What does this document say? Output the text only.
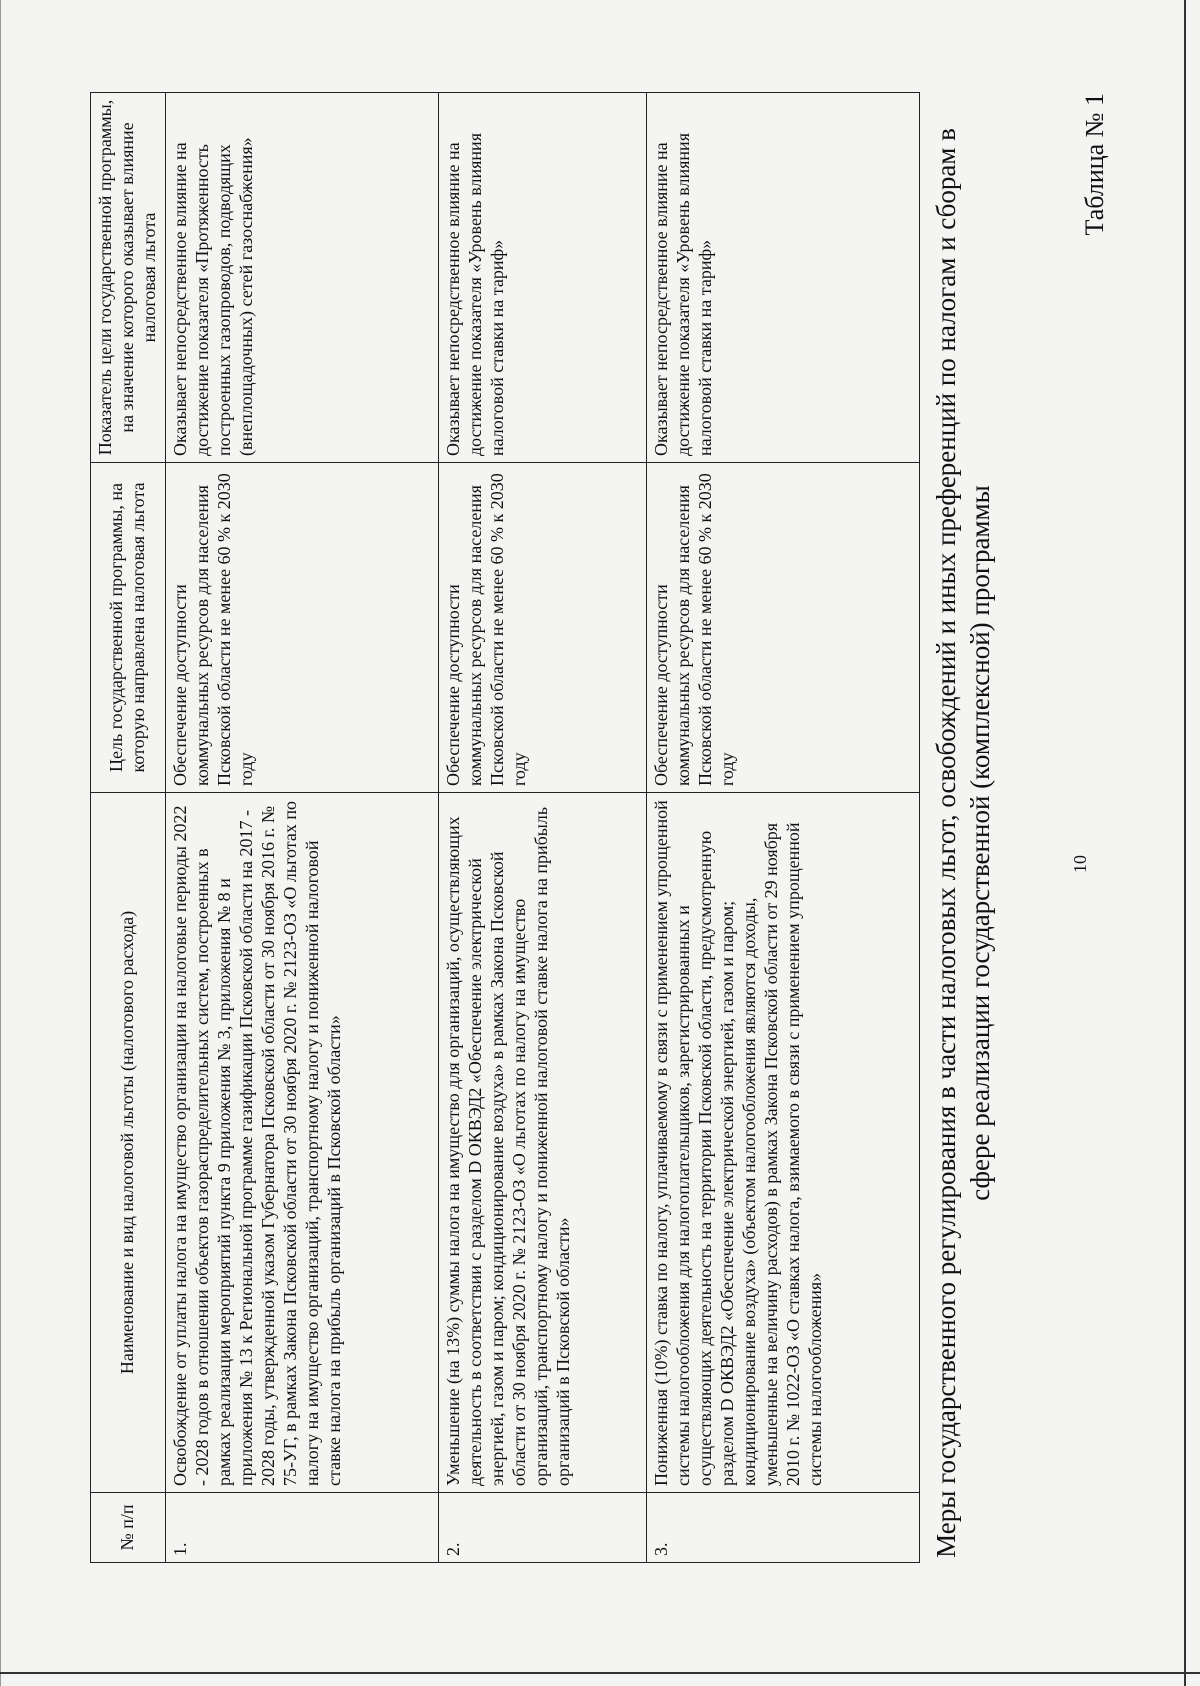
10
Таблица № 1
Меры государственного регулирования в части налоговых льгот, освобождений и иных преференций по налогам и сборам в сфере реализации государственной (комплексной) программы
№ п/п	Наименование и вид налоговой льготы (налогового расхода)	Цель государственной программы, на которую направлена налоговая льгота	Показатель цели государственной программы, на значение которого оказывает влияние налоговая льгота
1.	Освобождение от уплаты налога на имущество организации на налоговые периоды 2022 - 2028 годов в отношении объектов газораспределительных систем, построенных в рамках реализации мероприятий пункта 9 приложения № 3, приложения № 8 и приложения № 13 к Региональной программе газификации Псковской области на 2017 - 2028 годы, утвержденной указом Губернатора Псковской области от 30 ноября 2016 г. № 75-УГ, в рамках Закона Псковской области от 30 ноября 2020 г. № 2123-ОЗ «О льготах по налогу на имущество организаций, транспортному налогу и пониженной налоговой ставке налога на прибыль организаций в Псковской области»	Обеспечение доступности коммунальных ресурсов для населения Псковской области не менее 60 % к 2030 году	Оказывает непосредственное влияние на достижение показателя «Протяженность построенных газопроводов, подводящих (внеплощадочных) сетей газоснабжения»
2.	Уменьшение (на 13%) суммы налога на имущество для организаций, осуществляющих деятельность в соответствии с разделом D ОКВЭД2 «Обеспечение электрической энергией, газом и паром; кондиционирование воздуха» в рамках Закона Псковской области от 30 ноября 2020 г. № 2123-ОЗ «О льготах по налогу на имущество организаций, транспортному налогу и пониженной налоговой ставке налога на прибыль организаций в Псковской области»	Обеспечение доступности коммунальных ресурсов для населения Псковской области не менее 60 % к 2030 году	Оказывает непосредственное влияние на достижение показателя «Уровень влияния налоговой ставки на тариф»
3.	Пониженная (10%) ставка по налогу, уплачиваемому в связи с применением упрощенной системы налогообложения для налогоплательщиков, зарегистрированных и осуществляющих деятельность на территории Псковской области, предусмотренную разделом D ОКВЭД2 «Обеспечение электрической энергией, газом и паром; кондиционирование воздуха» (объектом налогообложения являются доходы, уменьшенные на величину расходов) в рамках Закона Псковской области от 29 ноября 2010 г. № 1022-ОЗ «О ставках налога, взимаемого в связи с применением упрощенной системы налогообложения»	Обеспечение доступности коммунальных ресурсов для населения Псковской области не менее 60 % к 2030 году	Оказывает непосредственное влияние на достижение показателя «Уровень влияния налоговой ставки на тариф»
